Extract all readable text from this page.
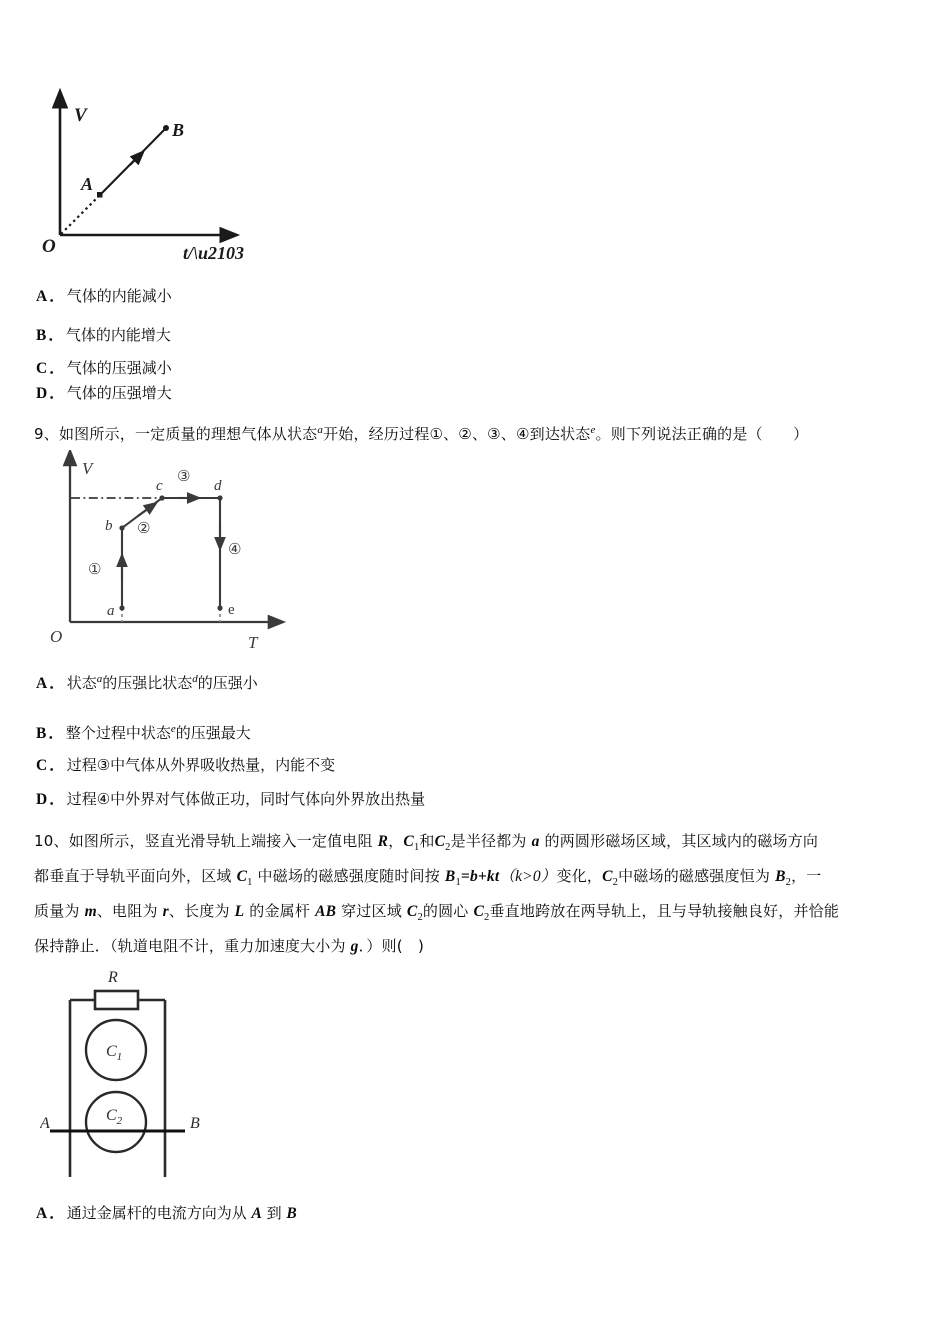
V
B
A
O	t/\u2103
A ． 气体的内能减小
B ． 气体的内能增大
C ． 气体的压强减小
D ． 气体的压强增大
9、如图所示，一定质量的理想气体从状态$^a$开始，经历过程①、②、③、④到达状态$^e$。则下列说法正确的是（　　）
a
b
c	d
e
①
②
③
④
V
O	T
A ． 状态$^a$的压强比状态$^d$的压强小
B ． 整个过程中状态$^e$的压强最大
C ． 过程③中气体从外界吸收热量，内能不变
D ． 过程④中外界对气体做正功，同时气体向外界放出热量
10、如图所示，竖直光滑导轨上端接入一定值电阻 R，$C_1$和$C_2$是半径都为 a 的两圆形磁场区域，其区域内的磁场方向
都垂直于导轨平面向外，区域 $C_1$ 中磁场的磁感强度随时间按 $B_1=b+kt(k>0)$变化，$C_2$中磁场的磁感强度恒为 $B_2$，一
质量为 m、电阻为 r、长度为 L 的金属杆 AB 穿过区域 $C_2$的圆心 $C_2$垂直地跨放在两导轨上，且与导轨接触良好，并恰能
保持静止．（轨道电阻不计，重力加速度大小为 g．）则(　)
R
$C_1$
$C_2$
A	B
A ． 通过金属杆的电流方向为从 A 到 B
